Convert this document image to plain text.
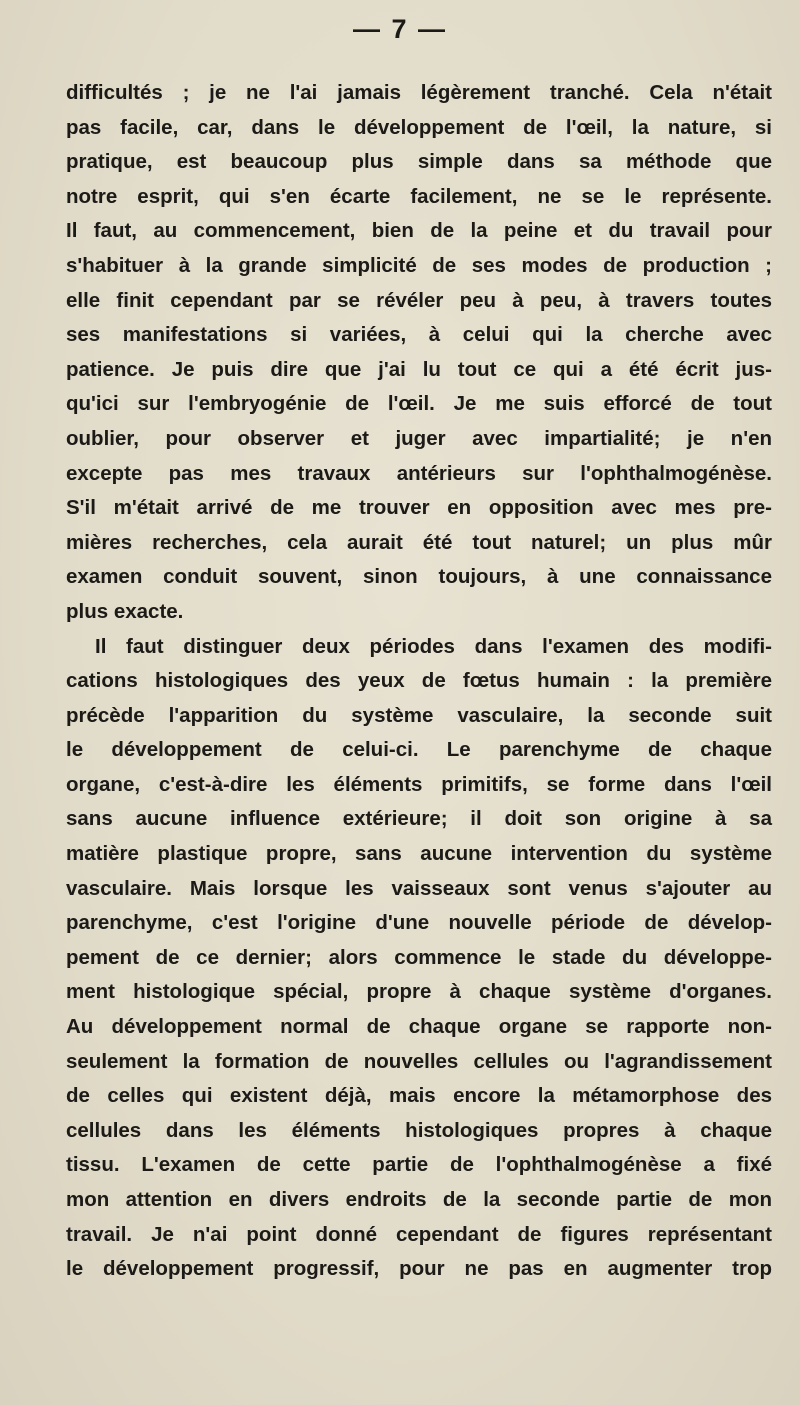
— 7 —
difficultés ; je ne l'ai jamais légèrement tranché. Cela n'était
pas facile, car, dans le développement de l'œil, la nature, si
pratique, est beaucoup plus simple dans sa méthode que
notre esprit, qui s'en écarte facilement, ne se le représente.
Il faut, au commencement, bien de la peine et du travail pour
s'habituer à la grande simplicité de ses modes de production ;
elle finit cependant par se révéler peu à peu, à travers toutes
ses manifestations si variées, à celui qui la cherche avec
patience. Je puis dire que j'ai lu tout ce qui a été écrit jus-
qu'ici sur l'embryogénie de l'œil. Je me suis efforcé de tout
oublier, pour observer et juger avec impartialité; je n'en
excepte pas mes travaux antérieurs sur l'ophthalmogénèse.
S'il m'était arrivé de me trouver en opposition avec mes pre-
mières recherches, cela aurait été tout naturel; un plus mûr
examen conduit souvent, sinon toujours, à une connaissance
plus exacte.
Il faut distinguer deux périodes dans l'examen des modifi-
cations histologiques des yeux de fœtus humain : la première
précède l'apparition du système vasculaire, la seconde suit
le développement de celui-ci. Le parenchyme de chaque
organe, c'est-à-dire les éléments primitifs, se forme dans l'œil
sans aucune influence extérieure; il doit son origine à sa
matière plastique propre, sans aucune intervention du système
vasculaire. Mais lorsque les vaisseaux sont venus s'ajouter au
parenchyme, c'est l'origine d'une nouvelle période de dévelop-
pement de ce dernier; alors commence le stade du développe-
ment histologique spécial, propre à chaque système d'organes.
Au développement normal de chaque organe se rapporte non-
seulement la formation de nouvelles cellules ou l'agrandissement
de celles qui existent déjà, mais encore la métamorphose des
cellules dans les éléments histologiques propres à chaque
tissu. L'examen de cette partie de l'ophthalmogénèse a fixé
mon attention en divers endroits de la seconde partie de mon
travail. Je n'ai point donné cependant de figures représentant
le développement progressif, pour ne pas en augmenter trop
